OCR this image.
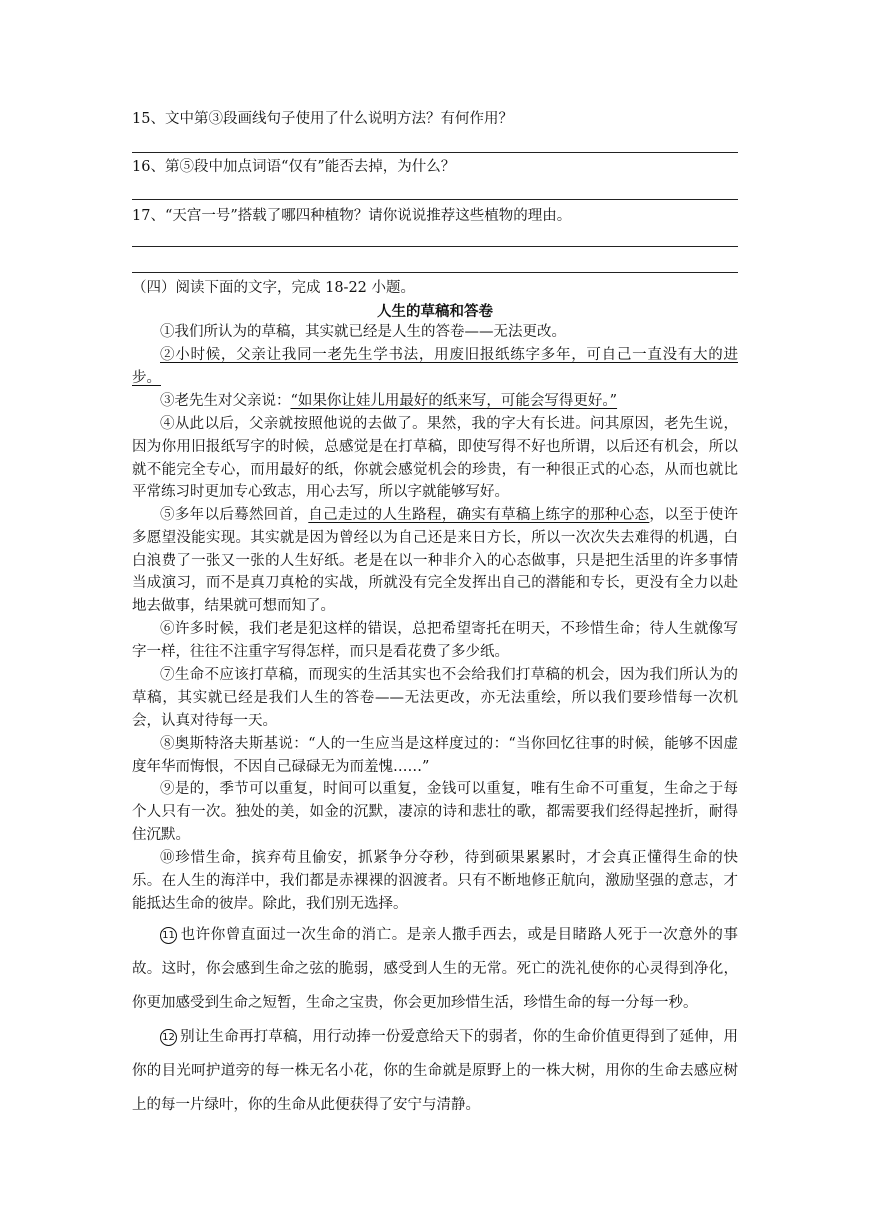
15、文中第③段画线句子使用了什么说明方法？有何作用？
16、第⑤段中加点词语“仅有”能否去掉，为什么？
17、“天宫一号”搭载了哪四种植物？请你说说推荐这些植物的理由。
（四）阅读下面的文字，完成 18-22 小题。
人生的草稿和答卷
①我们所认为的草稿，其实就已经是人生的答卷——无法更改。
②小时候，父亲让我同一老先生学书法，用废旧报纸练字多年，可自己一直没有大的进步。
③老先生对父亲说：“如果你让娃儿用最好的纸来写，可能会写得更好。”
④从此以后，父亲就按照他说的去做了。果然，我的字大有长进。问其原因，老先生说，因为你用旧报纸写字的时候，总感觉是在打草稿，即使写得不好也所谓，以后还有机会，所以就不能完全专心，而用最好的纸，你就会感觉机会的珍贵，有一种很正式的心态，从而也就比平常练习时更加专心致志，用心去写，所以字就能够写好。
⑤多年以后蓦然回首，自己走过的人生路程，确实有草稿上练字的那种心态，以至于使许多愿望没能实现。其实就是因为曾经以为自己还是来日方长，所以一次次失去难得的机遇，白白浪费了一张又一张的人生好纸。老是在以一种非介入的心态做事，只是把生活里的许多事情当成演习，而不是真刀真枪的实战，所就没有完全发挥出自己的潜能和专长，更没有全力以赴地去做事，结果就可想而知了。
⑥许多时候，我们老是犯这样的错误，总把希望寄托在明天，不珍惜生命；待人生就像写字一样，往往不注重字写得怎样，而只是看花费了多少纸。
⑦生命不应该打草稿，而现实的生活其实也不会给我们打草稿的机会，因为我们所认为的草稿，其实就已经是我们人生的答卷——无法更改，亦无法重绘，所以我们要珍惜每一次机会，认真对待每一天。
⑧奥斯特洛夫斯基说：“人的一生应当是这样度过的：“当你回忆往事的时候，能够不因虚度年华而悔恨，不因自己碌碌无为而羞愧……”
⑨是的，季节可以重复，时间可以重复，金钱可以重复，唯有生命不可重复，生命之于每个人只有一次。独处的美，如金的沉默，凄凉的诗和悲壮的歌，都需要我们经得起挫折，耐得住沉默。
⑩珍惜生命，摈弃苟且偷安，抓紧争分夺秒，待到硕果累累时，才会真正懂得生命的快乐。在人生的海洋中，我们都是赤裸裸的泅渡者。只有不断地修正航向，激励坚强的意志，才能抵达生命的彼岸。除此，我们别无选择。
11 也许你曾直面过一次生命的消亡。是亲人撒手西去，或是目睹路人死于一次意外的事故。这时，你会感到生命之弦的脆弱，感受到人生的无常。死亡的洗礼使你的心灵得到净化，你更加感受到生命之短暂，生命之宝贵，你会更加珍惜生活，珍惜生命的每一分每一秒。
12 别让生命再打草稿，用行动捧一份爱意给天下的弱者，你的生命价值更得到了延伸，用你的目光呵护道旁的每一株无名小花，你的生命就是原野上的一株大树，用你的生命去感应树上的每一片绿叶，你的生命从此便获得了安宁与清静。
